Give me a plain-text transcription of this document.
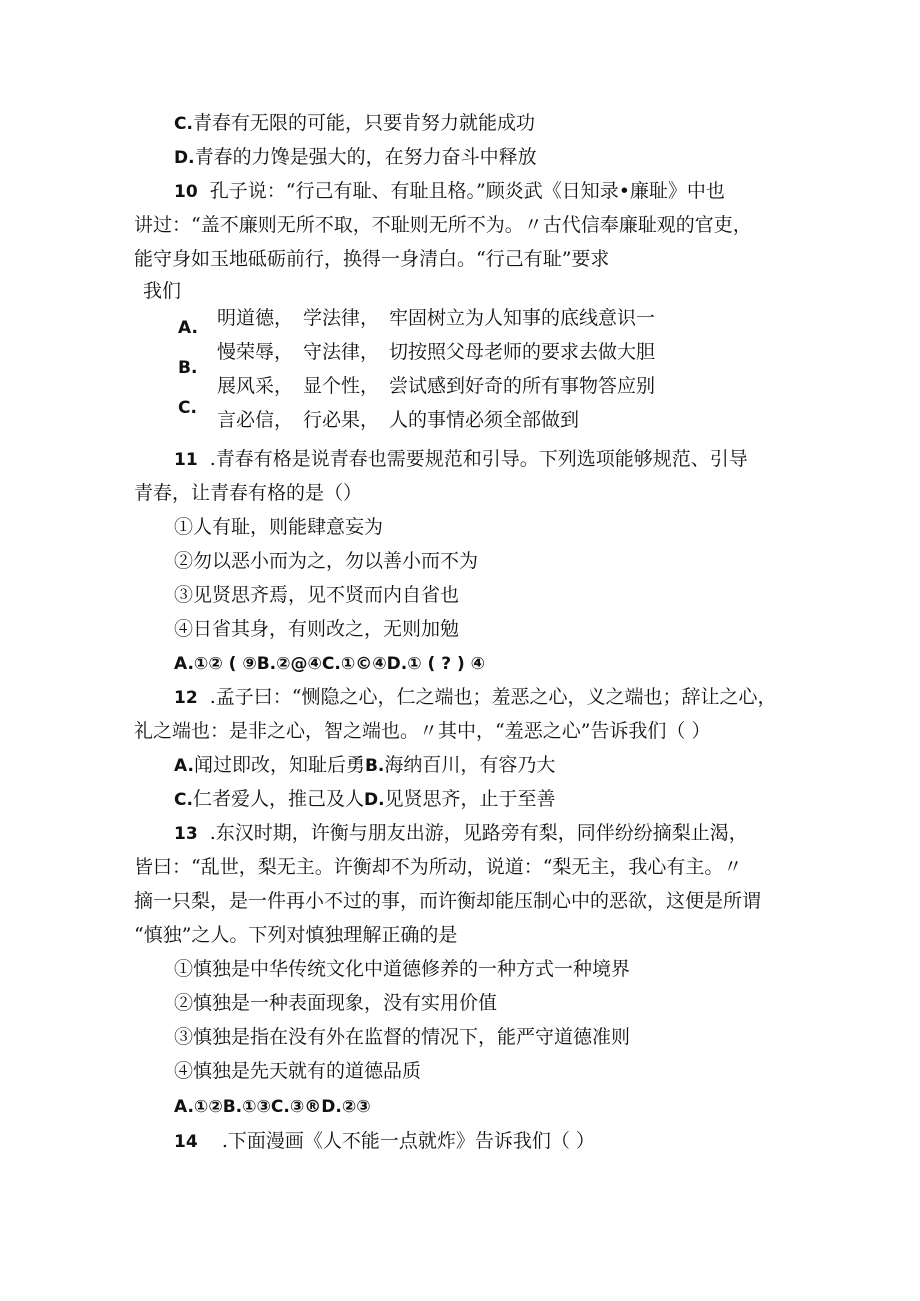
C.青春有无限的可能，只要肯努力就能成功
D.青春的力馋是强大的，在努力奋斗中释放
10 孔子说：“行己有耻、有耻且格。”顾炎武《日知录•廉耻》中也
讲过：“盖不廉则无所不取，不耻则无所不为。〃古代信奉廉耻观的官吏，
能守身如玉地砥砺前行，换得一身清白。“行己有耻”要求
我们
A.
B.
C.
明道德， 学法律， 牢固树立为人知事的底线意识一
慢荣辱， 守法律， 切按照父母老师的要求去做大胆
展风采， 显个性， 尝试感到好奇的所有事物答应别
言必信， 行必果， 人的事情必须全部做到
11 .青春有格是说青春也需要规范和引导。下列选项能够规范、引导
青春，让青春有格的是（）
①人有耻，则能肆意妄为
②勿以恶小而为之，勿以善小而不为
③见贤思齐焉，见不贤而内自省也
④日省其身，有则改之，无则加勉
A.①② ( ⑨B.②@④C.①©④D.① ( ? ) ④
12 .孟子曰：“恻隐之心，仁之端也；羞恶之心，义之端也；辞让之心，
礼之端也：是非之心，智之端也。〃其中，“羞恶之心”告诉我们（ ）
A.闻过即改，知耻后勇B.海纳百川，有容乃大
C.仁者爱人，推己及人D.见贤思齐，止于至善
13 .东汉时期，许衡与朋友出游，见路旁有梨，同伴纷纷摘梨止渴，
皆曰：“乱世，梨无主。许衡却不为所动，说道：“梨无主，我心有主。〃
摘一只梨，是一件再小不过的事，而许衡却能压制心中的恶欲，这便是所谓
“慎独”之人。下列对慎独理解正确的是
①慎独是中华传统文化中道德修养的一种方式一种境界
②慎独是一种表面现象，没有实用价值
③慎独是指在没有外在监督的情况下，能严守道德准则
④慎独是先天就有的道德品质
A.①②B.①③C.③®D.②③
14 .下面漫画《人不能一点就炸》告诉我们（ ）
